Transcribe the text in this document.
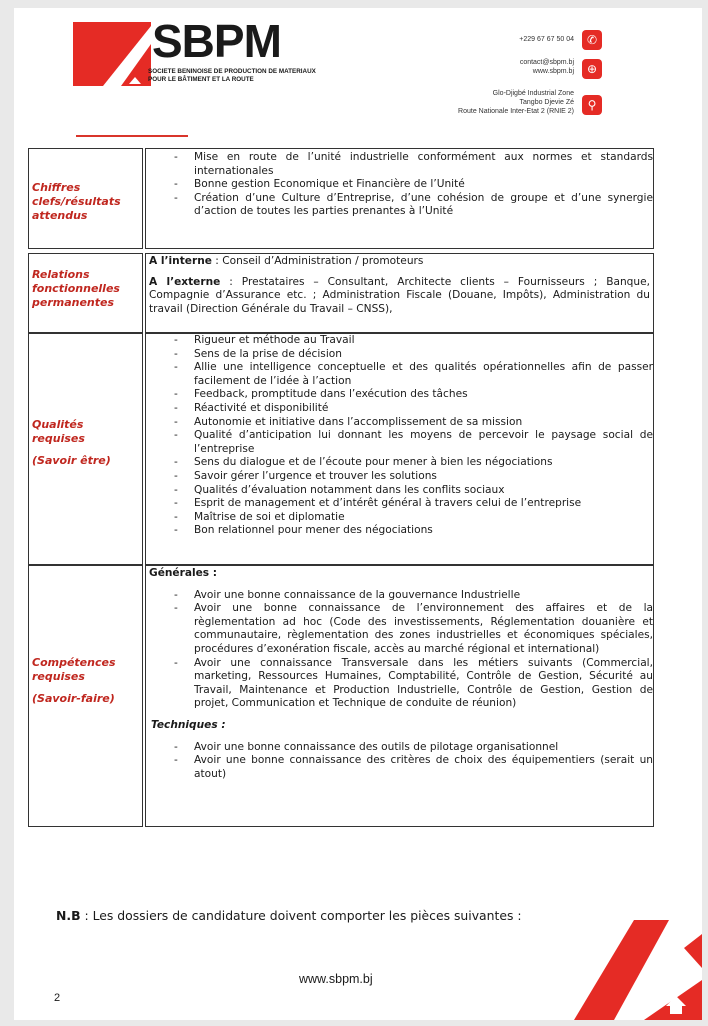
SBPM
SOCIETE BENINOISE DE PRODUCTION DE MATERIAUX
POUR LE BÂTIMENT ET LA ROUTE
+229 67 67 50 04	✆
contact@sbpm.bj
www.sbpm.bj	⊕
Glo-Djigbé Industrial Zone
Tangbo Djevie Zé
Route Nationale Inter-Etat 2 (RNIE 2)	⚲
Chiffres
clefs/résultats
attendus
- Mise en route de l’unité industrielle conformément aux normes et standards internationales
- Bonne gestion Economique et Financière de l’Unité
- Création d’une Culture d’Entreprise, d’une cohésion de groupe et d’une synergie d’action de toutes les parties prenantes à l’Unité
Relations
fonctionnelles
permanentes
A l’interne : Conseil d’Administration / promoteurs
A l’externe : Prestataires – Consultant, Architecte clients – Fournisseurs ; Banque, Compagnie d’Assurance etc. ; Administration Fiscale (Douane, Impôts), Administration du travail (Direction Générale du Travail – CNSS),
Qualités
requises
(Savoir être)
- Rigueur et méthode au Travail
- Sens de la prise de décision
- Allie une intelligence conceptuelle et des qualités opérationnelles afin de passer facilement de l’idée à l’action
- Feedback, promptitude dans l’exécution des tâches
- Réactivité et disponibilité
- Autonomie et initiative dans l’accomplissement de sa mission
- Qualité d’anticipation lui donnant les moyens de percevoir le paysage social de l’entreprise
- Sens du dialogue et de l’écoute pour mener à bien les négociations
- Savoir gérer l’urgence et trouver les solutions
- Qualités d’évaluation notamment dans les conflits sociaux
- Esprit de management et d’intérêt général à travers celui de l’entreprise
- Maîtrise de soi et diplomatie
- Bon relationnel pour mener des négociations
Compétences
requises
(Savoir-faire)
Générales :
- Avoir une bonne connaissance de la gouvernance Industrielle
- Avoir une bonne connaissance de l’environnement des affaires et de la règlementation ad hoc (Code des investissements, Réglementation douanière et communautaire, règlementation des zones industrielles et économiques spéciales, procédures d’exonération fiscale, accès au marché régional et international)
- Avoir une connaissance Transversale dans les métiers suivants (Commercial, marketing, Ressources Humaines, Comptabilité, Contrôle de Gestion, Sécurité au Travail, Maintenance et Production Industrielle, Contrôle de Gestion, Gestion de projet, Communication et Technique de conduite de réunion)
Techniques :
- Avoir une bonne connaissance des outils de pilotage organisationnel
- Avoir une bonne connaissance des critères de choix des équipementiers (serait un atout)
N.B : Les dossiers de candidature doivent comporter les pièces suivantes :
www.sbpm.bj
2
